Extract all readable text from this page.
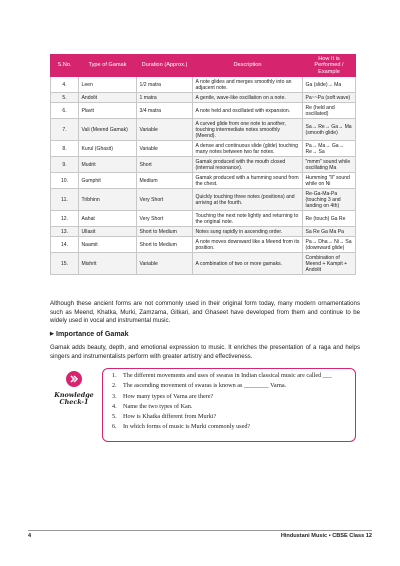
S.No.	Type of Gamak	Duration (Approx.)	Description	How It is Performed / Example
4.	Leen	1/2 matra	A note glides and merges smoothly into an adjacent note.	Ga (slide)→ Ma
5.	Andolit	1 matra	A gentle, wave-like oscillation on a note.	Pa~~Pa (soft wave)
6.	Plavit	3/4 matra	A note held and oscillated with expansion.	Re (held and oscillated)
7.	Vali (Meend Gamak)	Variable	A curved glide from one note to another, touching intermediate notes smoothly (Meend).	Sa→ Re→ Ga→ Ma (smooth glide)
8.	Kurul (Ghasit)	Variable	A dense and continuous slide (glide) touching many notes between two far notes.	Pa→ Ma→ Ga→ Re→ Sa
9.	Mudrit	Short	Gamak produced with the mouth closed (internal resonance).	"mmm" sound while oscillating Ma
10.	Gumphit	Medium	Gamak produced with a humming sound from the chest.	Humming "ll" sound while on Ni
11.	Tribhinn	Very Short	Quickly touching three notes (positions) and arriving at the fourth.	Re-Ga-Ma-Pa (touching 3 and landing on 4th)
12.	Aahat	Very Short	Touching the next note lightly and returning to the original note.	Re (touch) Ga Re
13.	Ullasit	Short to Medium	Notes sung rapidly in ascending order.	Sa Re Ga Ma Pa
14.	Naamit	Short to Medium	A note moves downward like a Meend from its position.	Pa→ Dha→ Ni→ Sa (downward glide)
15.	Mishrit	Variable	A combination of two or more gamaks.	Combination of Meend + Kampit + Andolit

Although these ancient forms are not commonly used in their original form today, many modern ornamentations such as Meend, Khatka, Murki, Zamzama, Gitkari, and Ghaseet have developed from them and continue to be widely used in vocal and instrumental music.

▶ Importance of Gamak

Gamak adds beauty, depth, and emotional expression to music. It enriches the presentation of a raga and helps singers and instrumentalists perform with greater artistry and effectiveness.

Knowledge
Check-1
1. The different movements and uses of swaras in Indian classical music are called ___
2. The ascending movement of swaras is known as ________ Varna.
3. How many types of Varna are there?
4. Name the two types of Kan.
5. How is Khatka different from Murki?
6. In which forms of music is Murki commonly used?
4	Hindustani Music • CBSE Class 12
